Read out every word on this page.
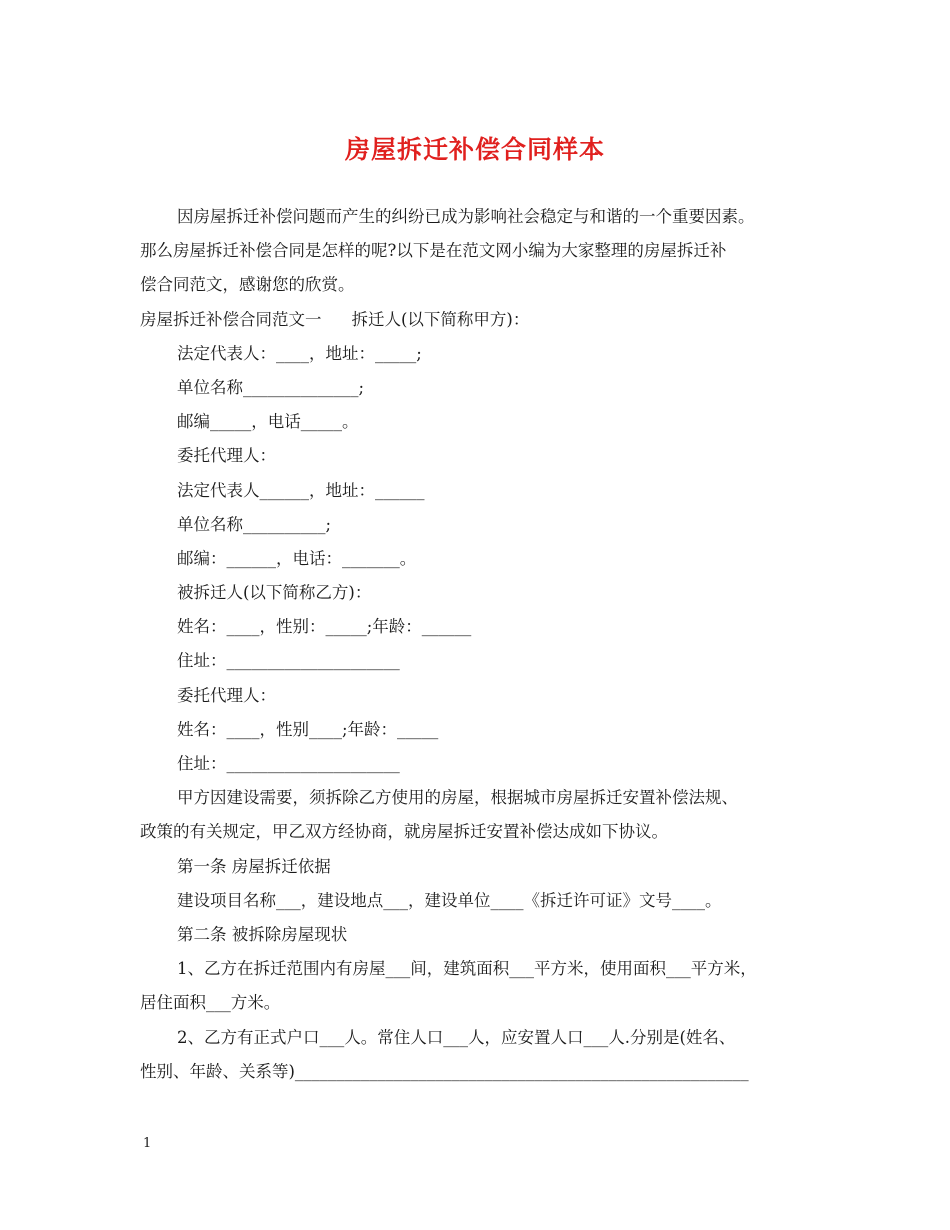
房屋拆迁补偿合同样本
因房屋拆迁补偿问题而产生的纠纷已成为影响社会稳定与和谐的一个重要因素。
那么房屋拆迁补偿合同是怎样的呢?以下是在范文网小编为大家整理的房屋拆迁补
偿合同范文，感谢您的欣赏。
房屋拆迁补偿合同范文一 拆迁人(以下简称甲方)：
法定代表人：____，地址：_____;
单位名称______________;
邮编_____，电话_____。
委托代理人：
法定代表人______，地址：______
单位名称__________;
邮编：______，电话：_______。
被拆迁人(以下简称乙方)：
姓名：____，性别：_____;年龄：______
住址：_____________________
委托代理人：
姓名：____，性别____;年龄：_____
住址：_____________________
甲方因建设需要，须拆除乙方使用的房屋，根据城市房屋拆迁安置补偿法规、
政策的有关规定，甲乙双方经协商，就房屋拆迁安置补偿达成如下协议。
第一条 房屋拆迁依据
建设项目名称___，建设地点___，建设单位____《拆迁许可证》文号____。
第二条 被拆除房屋现状
1、乙方在拆迁范围内有房屋___间，建筑面积___平方米，使用面积___平方米，
居住面积___方米。
2、乙方有正式户口___人。常住人口___人，应安置人口___人.分别是(姓名、
性别、年龄、关系等)_______________________________________________________
1
